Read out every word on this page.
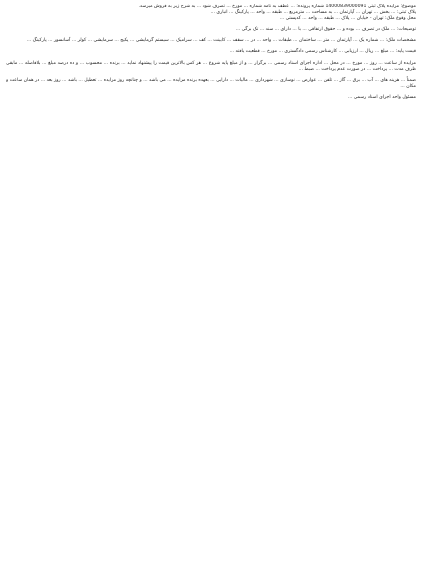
موضوع: مزایده پلاک ثبتی 14000839000091 شماره پرونده: ... عطف به نامه شماره ... مورخ ... تصرف شود ... به شرح زیر به فروش میرسد.

پلاک ثبتی: ... بخش ... تهران ... آپارتمان ... به مساحت ... مترمربع ... طبقه ... واحد ... پارکینگ ... انباری ...

محل وقوع ملک: تهران - خیابان ... پلاک ... طبقه ... واحد ... کدپستی ...

توضیحات: ... ملک در تصرف ... بوده و ... حقوق ارتفاقی ... با ... دارای ... سند ... تک برگی ...

مشخصات ملک: ... شماره یک ... آپارتمان ... متر ... ساختمان ... طبقات ... واحد ... در ... سقف ... کابینت ... کف ... سرامیک ... سیستم گرمایشی ... پکیج ... سرمایشی ... کولر ... آسانسور ... پارکینگ ...

قیمت پایه: ... مبلغ ... ریال ... ارزیابی ... کارشناس رسمی دادگستری ... مورخ ... قطعیت یافته ...

مزایده از ساعت ... روز ... مورخ ... در محل ... اداره اجرای اسناد رسمی ... برگزار ... و از مبلغ پایه شروع ... هر کس بالاترین قیمت را پیشنهاد نماید ... برنده ... محسوب ... و ده درصد مبلغ ... بلافاصله ... مابقی ظرف مدت ... پرداخت ... در صورت عدم پرداخت ... ضبط ...

ضمناً ... هزینه های ... آب ... برق ... گاز ... تلفن ... عوارض ... نوسازی ... شهرداری ... مالیات ... دارایی ... بعهده برنده مزایده ... می باشد ... و چنانچه روز مزایده ... تعطیل ... باشد ... روز بعد ... در همان ساعت و مکان ...

مسئول واحد اجرای اسناد رسمی ...
